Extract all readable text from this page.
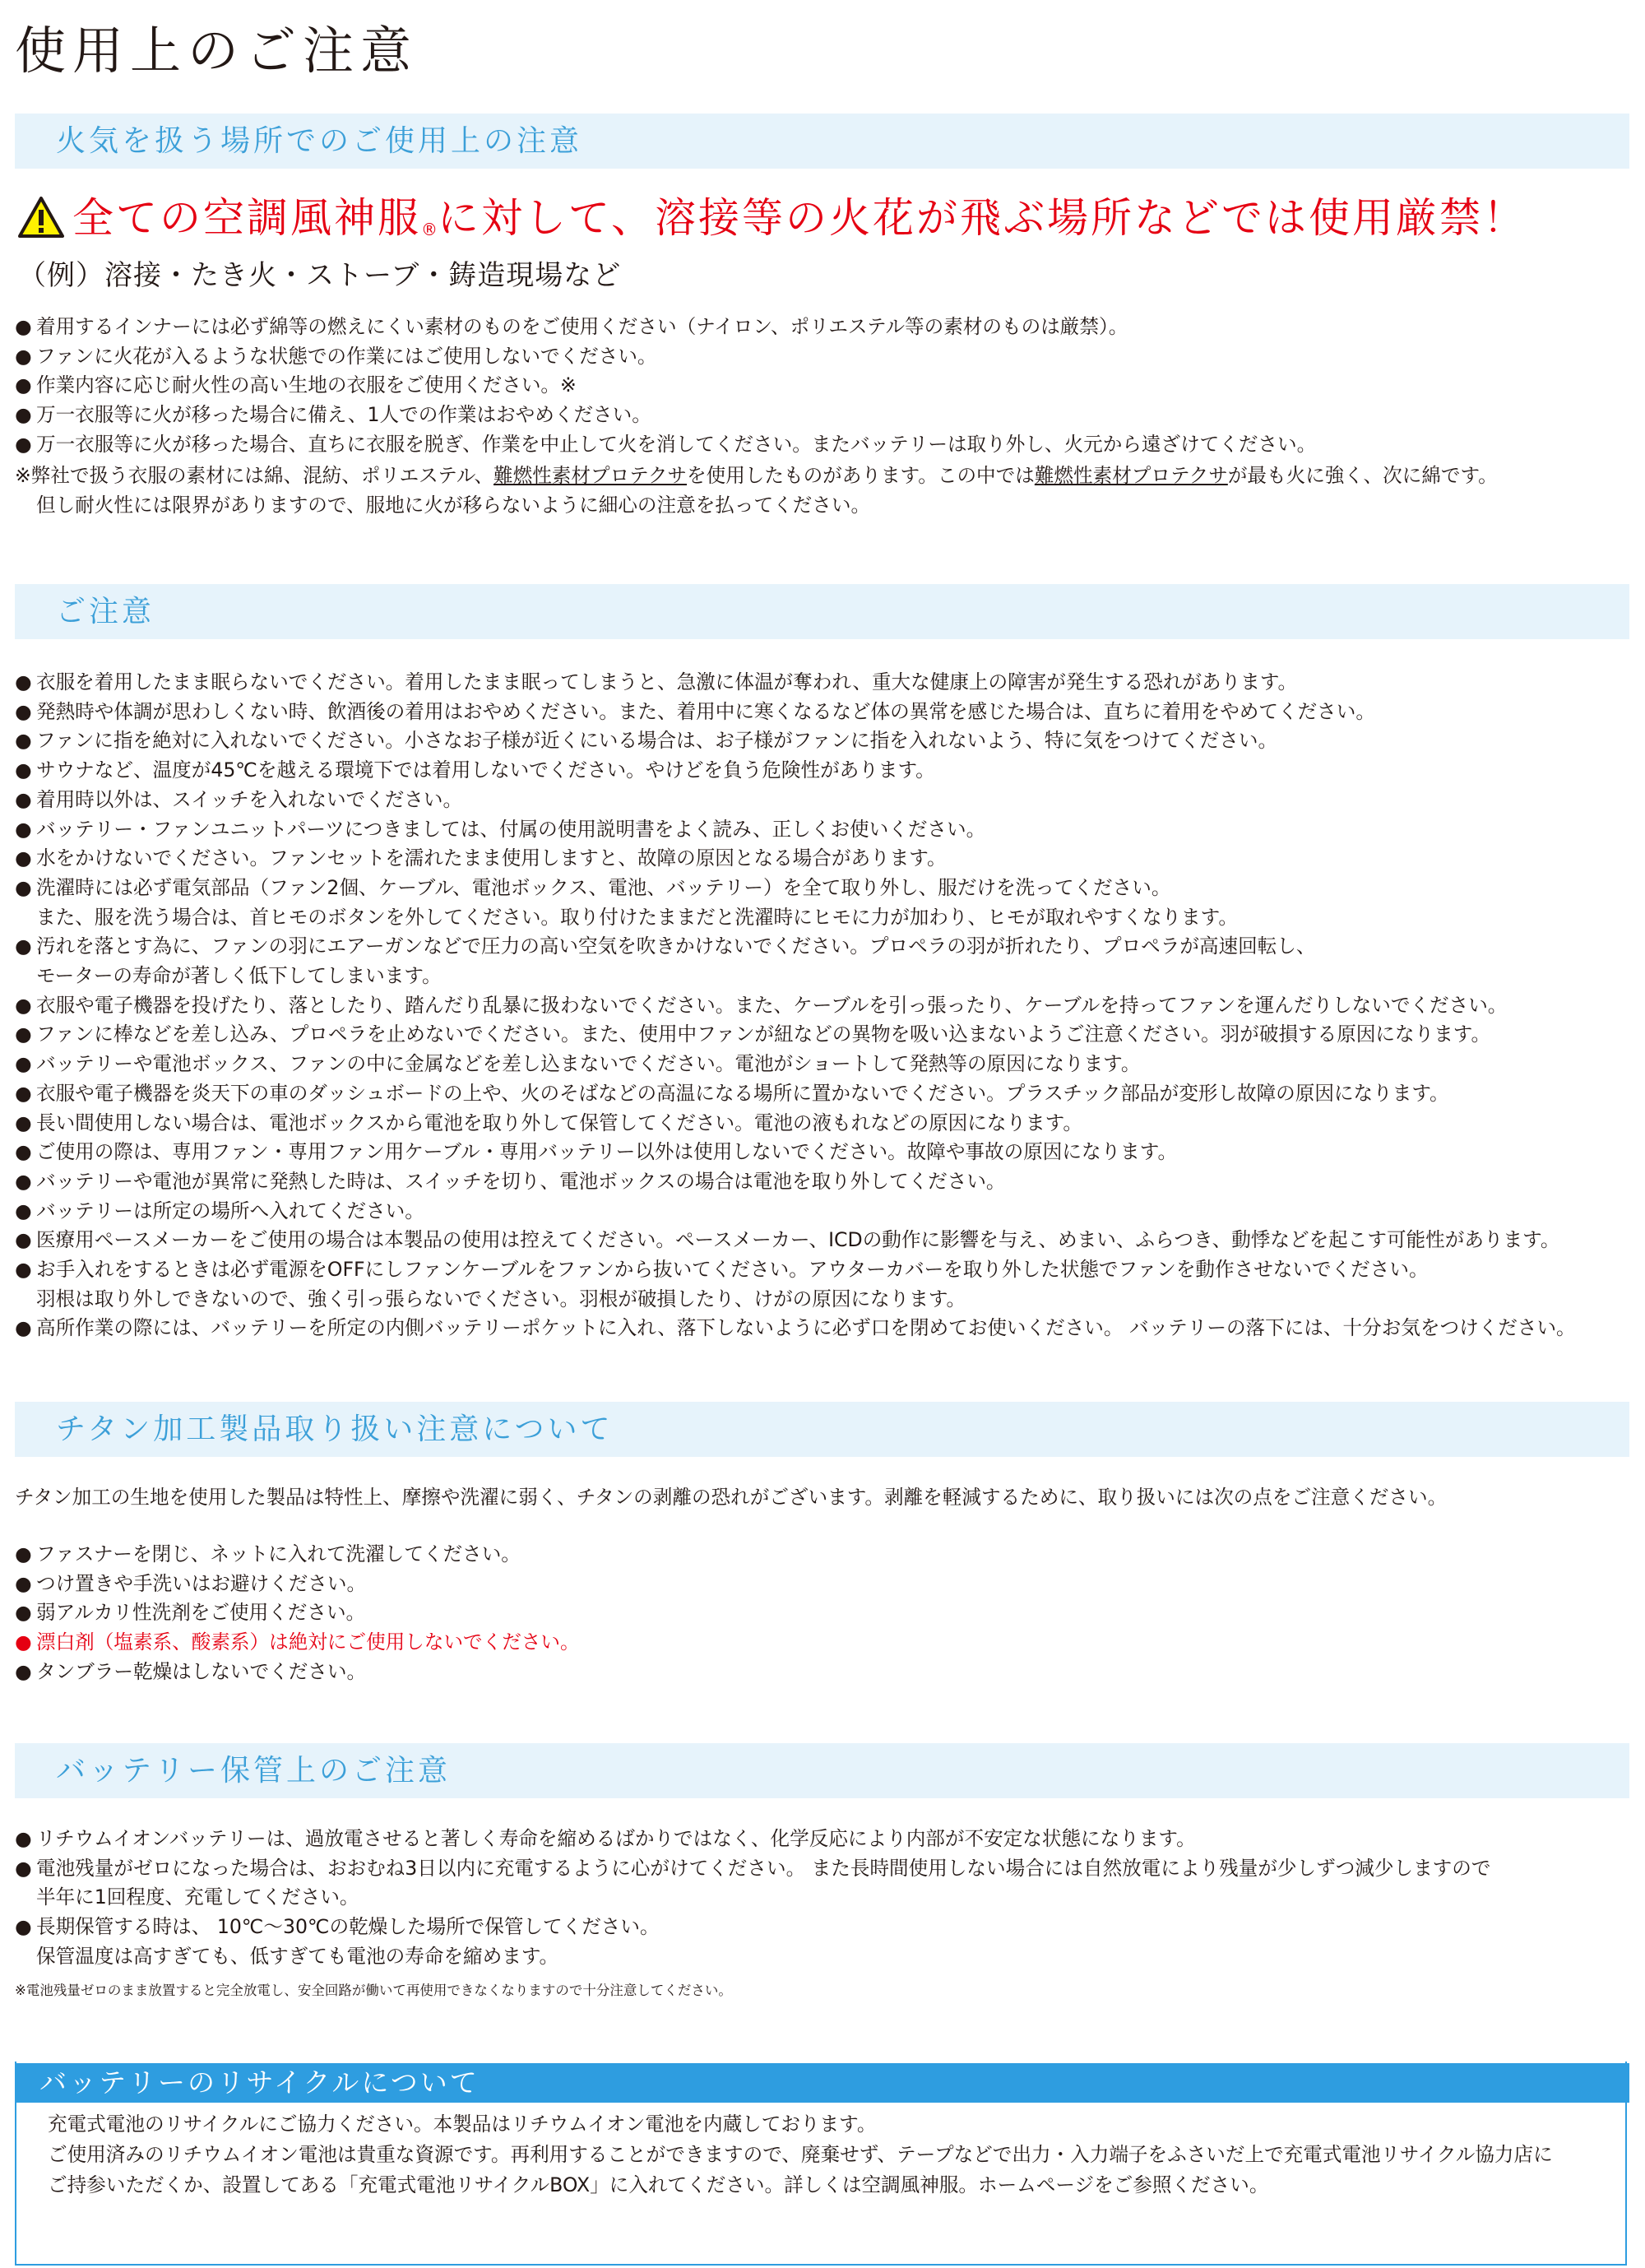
使用上のご注意
火気を扱う場所でのご使用上の注意
全ての空調風神服®に対して、溶接等の火花が飛ぶ場所などでは使用厳禁！
（例）溶接・たき火・ストーブ・鋳造現場など
● 着用するインナーには必ず綿等の燃えにくい素材のものをご使用ください（ナイロン、ポリエステル等の素材のものは厳禁）。
● ファンに火花が入るような状態での作業にはご使用しないでください。
● 作業内容に応じ耐火性の高い生地の衣服をご使用ください。※
● 万一衣服等に火が移った場合に備え、1人での作業はおやめください。
● 万一衣服等に火が移った場合、直ちに衣服を脱ぎ、作業を中止して火を消してください。またバッテリーは取り外し、火元から遠ざけてください。

※弊社で扱う衣服の素材には綿、混紡、ポリエステル、難燃性素材プロテクサを使用したものがあります。この中では難燃性素材プロテクサが最も火に強く、次に綿です。

但し耐火性には限界がありますので、服地に火が移らないように細心の注意を払ってください。

ご注意
● 衣服を着用したまま眠らないでください。着用したまま眠ってしまうと、急激に体温が奪われ、重大な健康上の障害が発生する恐れがあります。
● 発熱時や体調が思わしくない時、飲酒後の着用はおやめください。また、着用中に寒くなるなど体の異常を感じた場合は、直ちに着用をやめてください。
● ファンに指を絶対に入れないでください。小さなお子様が近くにいる場合は、お子様がファンに指を入れないよう、特に気をつけてください。
● サウナなど、温度が45℃を越える環境下では着用しないでください。やけどを負う危険性があります。
● 着用時以外は、スイッチを入れないでください。
● バッテリー・ファンユニットパーツにつきましては、付属の使用説明書をよく読み、正しくお使いください。
● 水をかけないでください。ファンセットを濡れたまま使用しますと、故障の原因となる場合があります。
● 洗濯時には必ず電気部品（ファン2個、ケーブル、電池ボックス、電池、バッテリー）を全て取り外し、服だけを洗ってください。
また、服を洗う場合は、首ヒモのボタンを外してください。取り付けたままだと洗濯時にヒモに力が加わり、ヒモが取れやすくなります。
● 汚れを落とす為に、ファンの羽にエアーガンなどで圧力の高い空気を吹きかけないでください。プロペラの羽が折れたり、プロペラが高速回転し、
モーターの寿命が著しく低下してしまいます。
● 衣服や電子機器を投げたり、落としたり、踏んだり乱暴に扱わないでください。また、ケーブルを引っ張ったり、ケーブルを持ってファンを運んだりしないでください。
● ファンに棒などを差し込み、プロペラを止めないでください。また、使用中ファンが紐などの異物を吸い込まないようご注意ください。羽が破損する原因になります。
● バッテリーや電池ボックス、ファンの中に金属などを差し込まないでください。電池がショートして発熱等の原因になります。
● 衣服や電子機器を炎天下の車のダッシュボードの上や、火のそばなどの高温になる場所に置かないでください。プラスチック部品が変形し故障の原因になります。
● 長い間使用しない場合は、電池ボックスから電池を取り外して保管してください。電池の液もれなどの原因になります。
● ご使用の際は、専用ファン・専用ファン用ケーブル・専用バッテリー以外は使用しないでください。故障や事故の原因になります。
● バッテリーや電池が異常に発熱した時は、スイッチを切り、電池ボックスの場合は電池を取り外してください。
● バッテリーは所定の場所へ入れてください。
● 医療用ペースメーカーをご使用の場合は本製品の使用は控えてください。ペースメーカー、ICDの動作に影響を与え、めまい、ふらつき、動悸などを起こす可能性があります。
● お手入れをするときは必ず電源をOFFにしファンケーブルをファンから抜いてください。アウターカバーを取り外した状態でファンを動作させないでください。
羽根は取り外しできないので、強く引っ張らないでください。羽根が破損したり、けがの原因になります。
● 高所作業の際には、バッテリーを所定の内側バッテリーポケットに入れ、落下しないように必ず口を閉めてお使いください。 バッテリーの落下には、十分お気をつけください。
チタン加工製品取り扱い注意について

チタン加工の生地を使用した製品は特性上、摩擦や洗濯に弱く、チタンの剥離の恐れがございます。剥離を軽減するために、取り扱いには次の点をご注意ください。

● ファスナーを閉じ、ネットに入れて洗濯してください。
● つけ置きや手洗いはお避けください。
● 弱アルカリ性洗剤をご使用ください。
● 漂白剤（塩素系、酸素系）は絶対にご使用しないでください。
● タンブラー乾燥はしないでください。
バッテリー保管上のご注意
● リチウムイオンバッテリーは、過放電させると著しく寿命を縮めるばかりではなく、化学反応により内部が不安定な状態になります。
● 電池残量がゼロになった場合は、おおむね3日以内に充電するように心がけてください。 また長時間使用しない場合には自然放電により残量が少しずつ減少しますので
半年に1回程度、充電してください。
● 長期保管する時は、 10℃～30℃の乾燥した場所で保管してください。
保管温度は高すぎても、低すぎても電池の寿命を縮めます。

※電池残量ゼロのまま放置すると完全放電し、安全回路が働いて再使用できなくなりますので十分注意してください。

バッテリーのリサイクルについて

充電式電池のリサイクルにご協力ください。本製品はリチウムイオン電池を内蔵しております。
ご使用済みのリチウムイオン電池は貴重な資源です。再利用することができますので、廃棄せず、テープなどで出力・入力端子をふさいだ上で充電式電池リサイクル協力店に
ご持参いただくか、設置してある「充電式電池リサイクルBOX」に入れてください。詳しくは空調風神服。ホームページをご参照ください。
